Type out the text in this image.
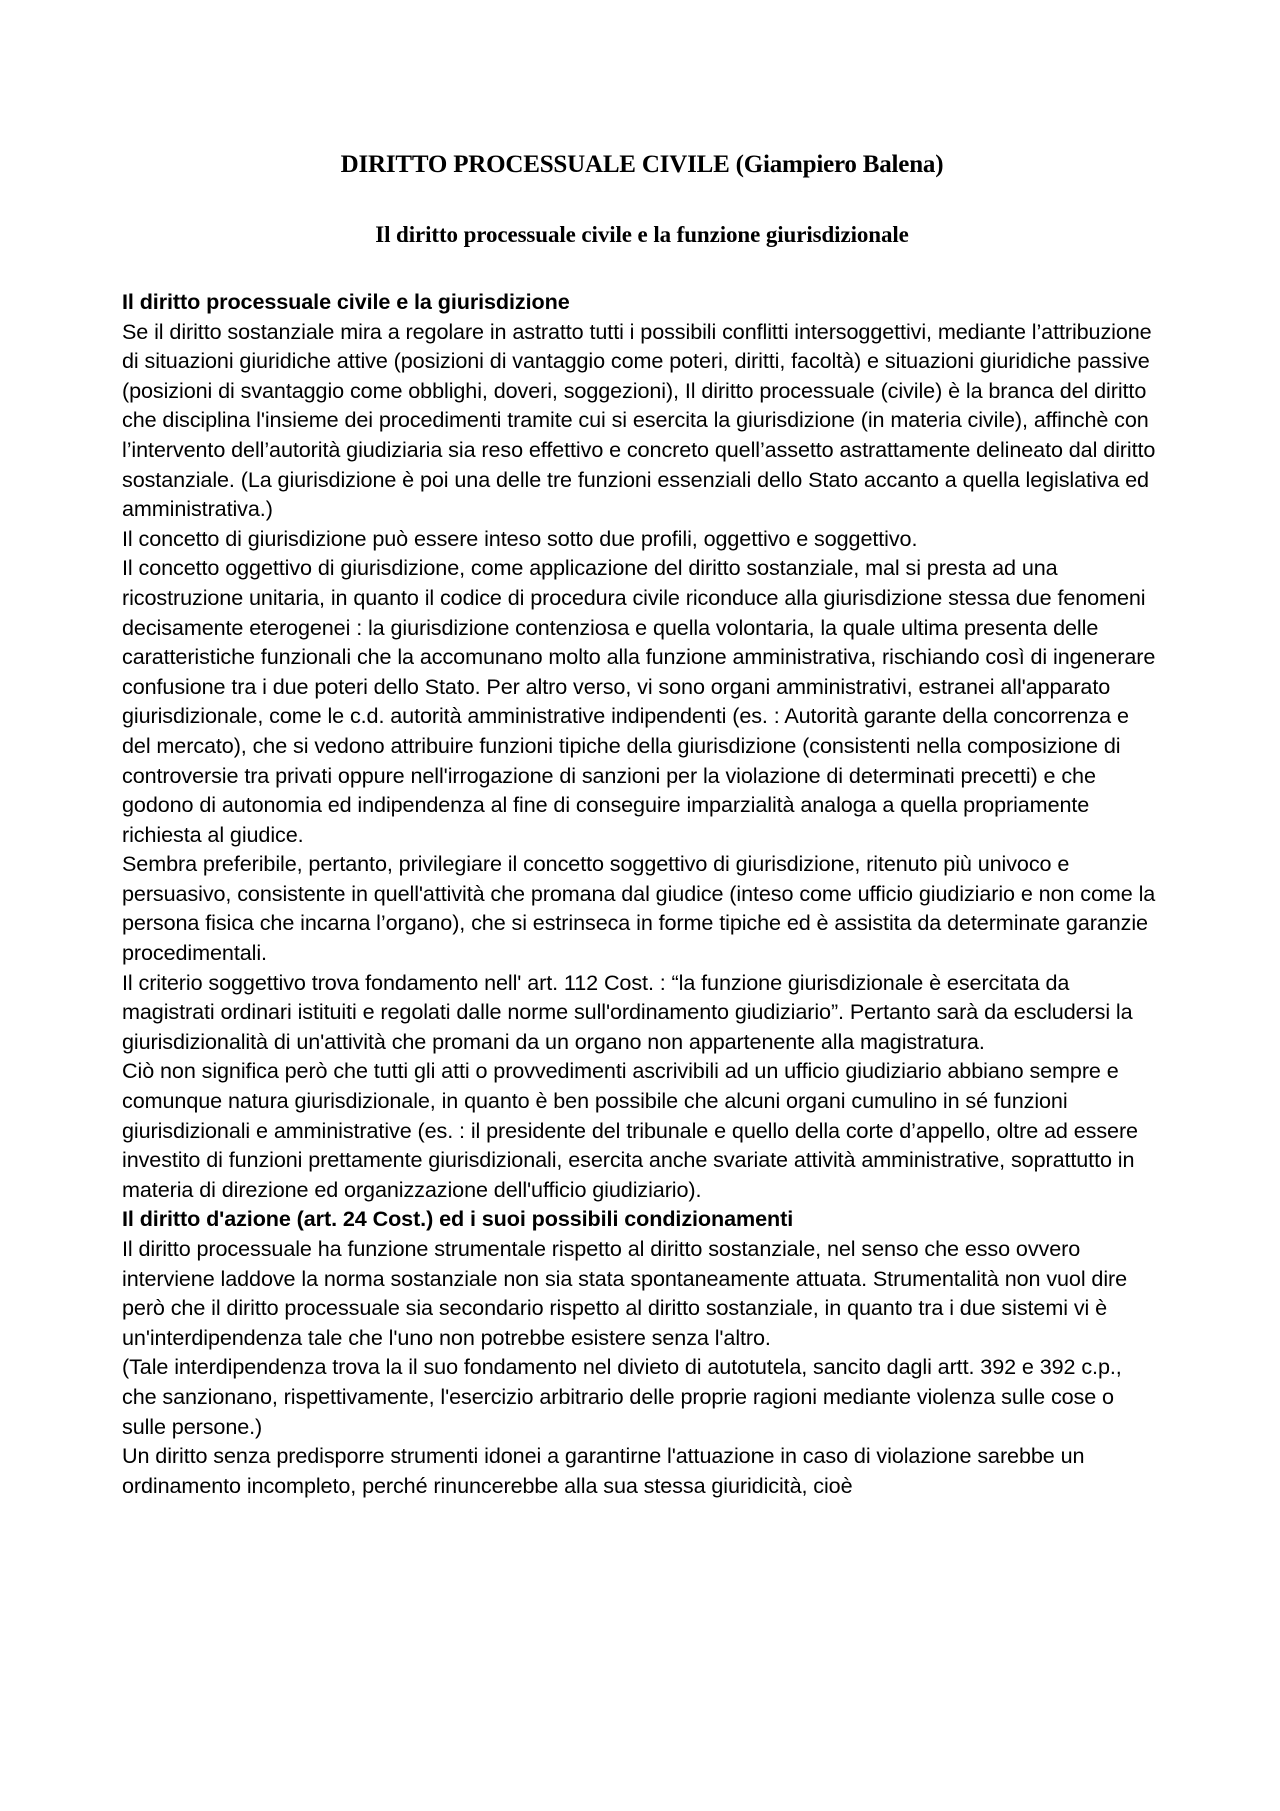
DIRITTO PROCESSUALE CIVILE (Giampiero Balena)
Il diritto processuale civile e la funzione giurisdizionale
Il diritto processuale civile e la giurisdizione

Se il diritto sostanziale mira a regolare in astratto tutti i possibili conflitti intersoggettivi, mediante l’attribuzione di situazioni giuridiche attive (posizioni di vantaggio come poteri, diritti, facoltà) e situazioni giuridiche passive (posizioni di svantaggio come obblighi, doveri, soggezioni), Il diritto processuale (civile) è la branca del diritto che disciplina l'insieme dei procedimenti tramite cui si esercita la giurisdizione (in materia civile), affinchè con l’intervento dell’autorità giudiziaria sia reso effettivo e concreto quell’assetto astrattamente delineato dal diritto sostanziale. (La giurisdizione è poi una delle tre funzioni essenziali dello Stato accanto a quella legislativa ed amministrativa.)

Il concetto di giurisdizione può essere inteso sotto due profili, oggettivo e soggettivo.

Il concetto oggettivo di giurisdizione, come applicazione del diritto sostanziale, mal si presta ad una ricostruzione unitaria, in quanto il codice di procedura civile riconduce alla giurisdizione stessa due fenomeni decisamente eterogenei : la giurisdizione contenziosa e quella volontaria, la quale ultima presenta delle caratteristiche funzionali che la accomunano molto alla funzione amministrativa, rischiando così di ingenerare confusione tra i due poteri dello Stato. Per altro verso, vi sono organi amministrativi, estranei all'apparato giurisdizionale, come le c.d. autorità amministrative indipendenti (es. : Autorità garante della concorrenza e del mercato), che si vedono attribuire funzioni tipiche della giurisdizione (consistenti nella composizione di controversie tra privati oppure nell'irrogazione di sanzioni per la violazione di determinati precetti) e che godono di autonomia ed indipendenza al fine di conseguire imparzialità analoga a quella propriamente richiesta al giudice.

Sembra preferibile, pertanto, privilegiare il concetto soggettivo di giurisdizione, ritenuto più univoco e persuasivo, consistente in quell'attività che promana dal giudice (inteso come ufficio giudiziario e non come la persona fisica che incarna l’organo), che si estrinseca in forme tipiche ed è assistita da determinate garanzie procedimentali.

Il criterio soggettivo trova fondamento nell' art. 112 Cost. : “la funzione giurisdizionale è esercitata da magistrati ordinari istituiti e regolati dalle norme sull'ordinamento giudiziario”. Pertanto sarà da escludersi la giurisdizionalità di un'attività che promani da un organo non appartenente alla magistratura.

Ciò non significa però che tutti gli atti o provvedimenti ascrivibili ad un ufficio giudiziario abbiano sempre e comunque natura giurisdizionale, in quanto è ben possibile che alcuni organi cumulino in sé funzioni giurisdizionali e amministrative (es. : il presidente del tribunale e quello della corte d’appello, oltre ad essere investito di funzioni prettamente giurisdizionali, esercita anche svariate attività amministrative, soprattutto in materia di direzione ed organizzazione dell'ufficio giudiziario).

Il diritto d'azione (art. 24 Cost.) ed i suoi possibili condizionamenti

Il diritto processuale ha funzione strumentale rispetto al diritto sostanziale, nel senso che esso ovvero interviene laddove la norma sostanziale non sia stata spontaneamente attuata. Strumentalità non vuol dire però che il diritto processuale sia secondario rispetto al diritto sostanziale, in quanto tra i due sistemi vi è un'interdipendenza tale che l'uno non potrebbe esistere senza l'altro.

(Tale interdipendenza trova la il suo fondamento nel divieto di autotutela, sancito dagli artt. 392 e 392 c.p., che sanzionano, rispettivamente, l'esercizio arbitrario delle proprie ragioni mediante violenza sulle cose o sulle persone.)

Un diritto senza predisporre strumenti idonei a garantirne l'attuazione in caso di violazione sarebbe un ordinamento incompleto, perché rinuncerebbe alla sua stessa giuridicità, cioè
